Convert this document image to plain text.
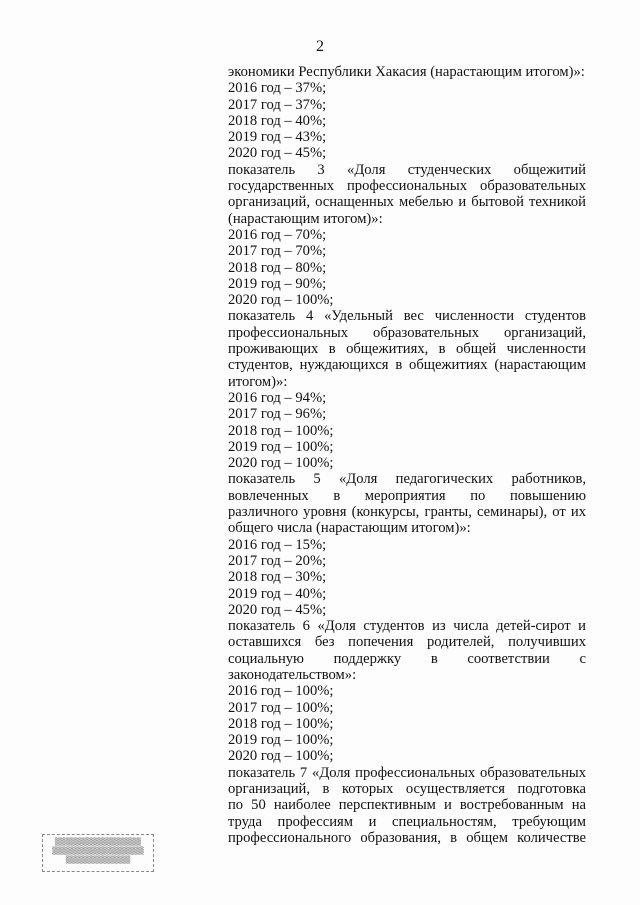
2
экономики Республики Хакасия (нарастающим итогом)»:
2016 год – 37%;
2017 год – 37%;
2018 год – 40%;
2019 год – 43%;
2020 год – 45%;
показатель 3 «Доля студенческих общежитий
государственных профессиональных образовательных
организаций, оснащенных мебелью и бытовой техникой
(нарастающим итогом)»:
2016 год – 70%;
2017 год – 70%;
2018 год – 80%;
2019 год – 90%;
2020 год – 100%;
показатель 4 «Удельный вес численности студентов
профессиональных образовательных организаций,
проживающих в общежитиях, в общей численности
студентов, нуждающихся в общежитиях (нарастающим
итогом)»:
2016 год – 94%;
2017 год – 96%;
2018 год – 100%;
2019 год – 100%;
2020 год – 100%;
показатель 5 «Доля педагогических работников,
вовлеченных в мероприятия по повышению
различного уровня (конкурсы, гранты, семинары), от их
общего числа (нарастающим итогом)»:
2016 год – 15%;
2017 год – 20%;
2018 год – 30%;
2019 год – 40%;
2020 год – 45%;
показатель 6 «Доля студентов из числа детей-сирот и
оставшихся без попечения родителей, получивших
социальную поддержку в соответствии с
законодательством»:
2016 год – 100%;
2017 год – 100%;
2018 год – 100%;
2019 год – 100%;
2020 год – 100%;
показатель 7 «Доля профессиональных образовательных
организаций, в которых осуществляется подготовка
по 50 наиболее перспективным и востребованным на
труда профессиям и специальностям, требующим
профессионального образования, в общем количестве
▒▒▒▒▒▒▒▒▒▒▒▒▒▒▒▒
▒▒▒▒▒▒▒▒▒▒▒▒▒▒▒▒▒
▒▒▒▒▒▒▒▒▒▒▒▒
